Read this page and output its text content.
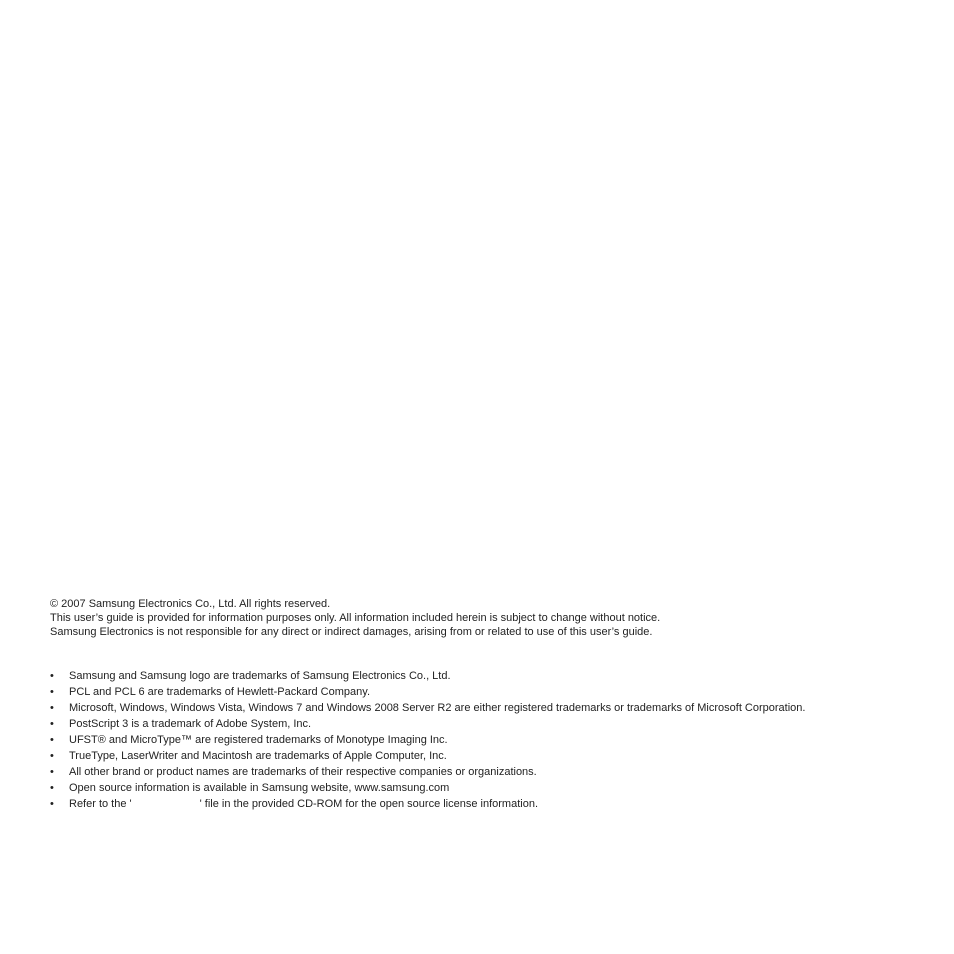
© 2007 Samsung Electronics Co., Ltd. All rights reserved.
This user’s guide is provided for information purposes only. All information included herein is subject to change without notice.
Samsung Electronics is not responsible for any direct or indirect damages, arising from or related to use of this user’s guide.
• Samsung and Samsung logo are trademarks of Samsung Electronics Co., Ltd.
• PCL and PCL 6 are trademarks of Hewlett-Packard Company.
• Microsoft, Windows, Windows Vista, Windows 7 and Windows 2008 Server R2 are either registered trademarks or trademarks of Microsoft Corporation.
• PostScript 3 is a trademark of Adobe System, Inc.
• UFST® and MicroType™ are registered trademarks of Monotype Imaging Inc.
• TrueType, LaserWriter and Macintosh are trademarks of Apple Computer, Inc.
• All other brand or product names are trademarks of their respective companies or organizations.
• Open source information is available in Samsung website, www.samsung.com
• Refer to the '	' file in the provided CD-ROM for the open source license information.
